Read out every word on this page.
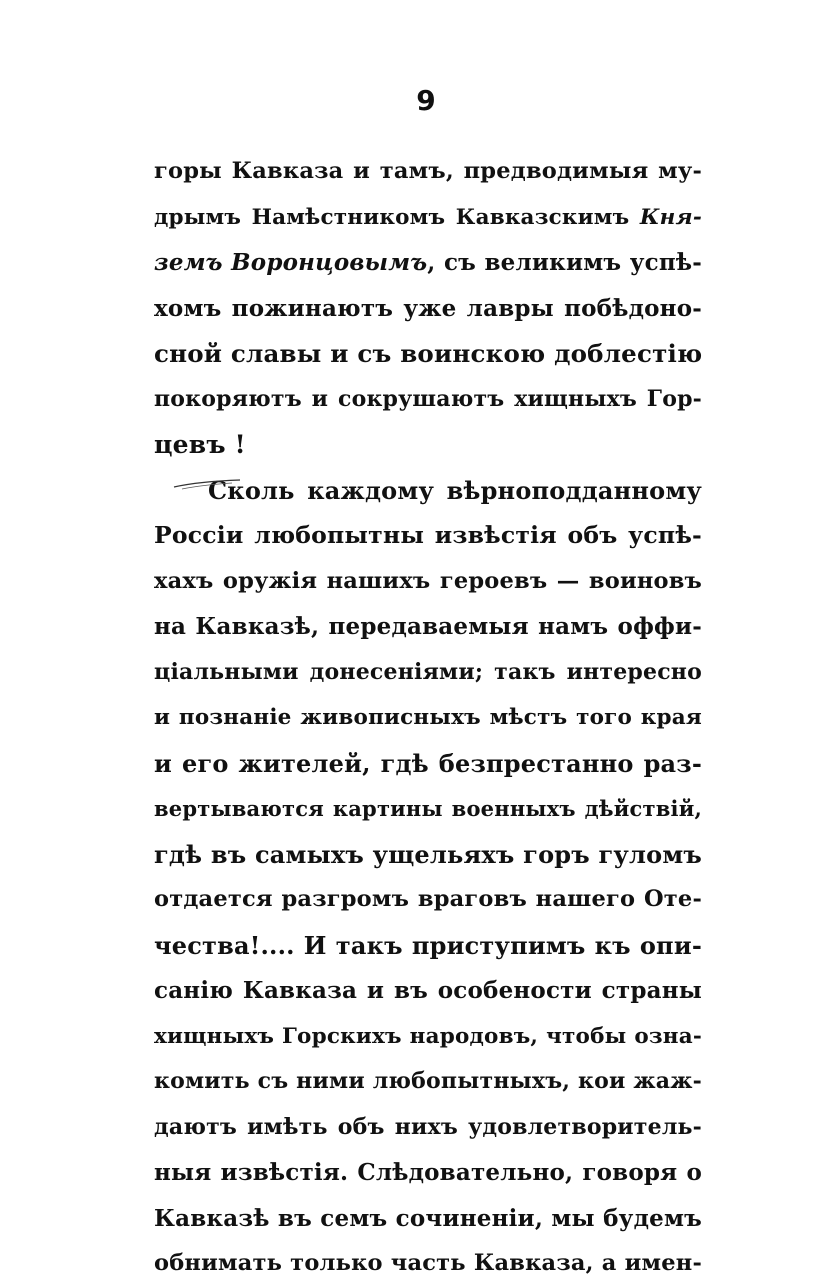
9
горы Кавказа и тамъ, предводимыя му-
дрымъ Намѣстникомъ Кавказскимъ Кня-
земъ Воронцовымъ, съ великимъ успѣ-
хомъ пожинаютъ уже лавры побѣдоно-
сной славы и съ воинскою доблестію
покоряютъ и сокрушаютъ хищныхъ Гор-
цевъ !
Сколь каждому вѣрноподданному
Россіи любопытны извѣстія объ успѣ-
хахъ оружія нашихъ героевъ — воиновъ
на Кавказѣ, передаваемыя намъ оффи-
ціальными донесеніями; такъ интересно
и познаніе живописныхъ мѣстъ того края
и его жителей, гдѣ безпрестанно раз-
вертываются картины военныхъ дѣйствій,
гдѣ въ самыхъ ущельяхъ горъ гуломъ
отдается разгромъ враговъ нашего Оте-
чества!.... И такъ приступимъ къ опи-
санію Кавказа и въ особености страны
хищныхъ Горскихъ народовъ, чтобы озна-
комить съ ними любопытныхъ, кои жаж-
даютъ имѣть объ нихъ удовлетворитель-
ныя извѣстія. Слѣдовательно, говоря о
Кавказѣ въ семъ сочиненіи, мы будемъ
обнимать только часть Кавказа, а имен-
